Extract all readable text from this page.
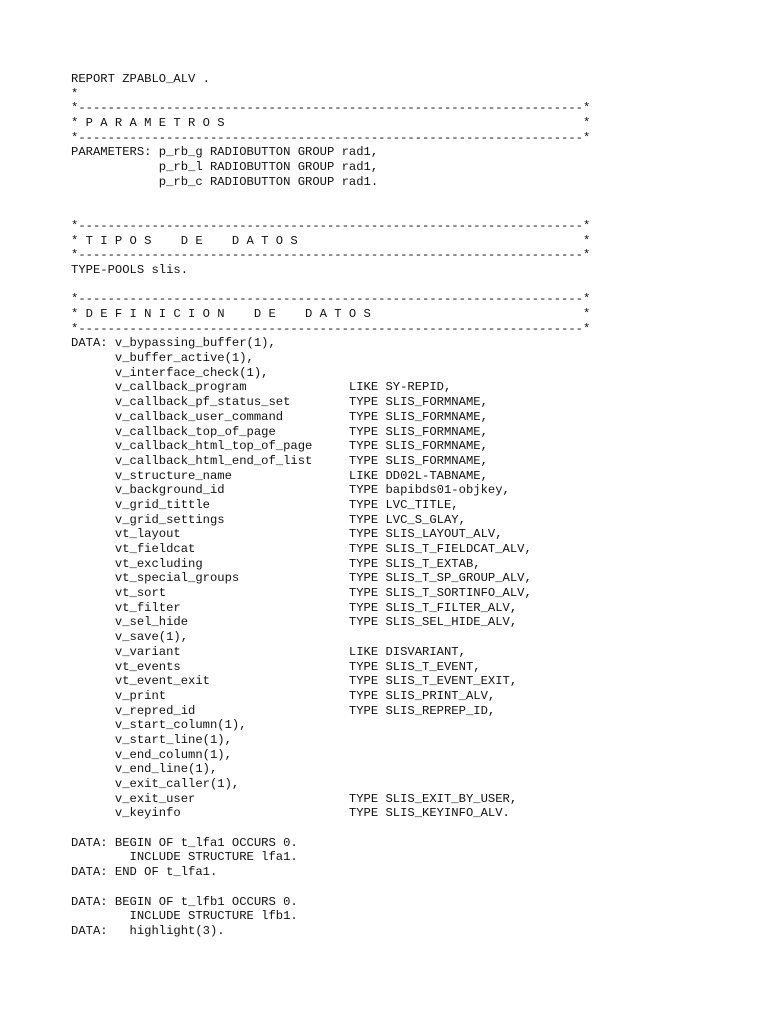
REPORT ZPABLO_ALV .
*
*---------------------------------------------------------------------*
* P A R A M E T R O S                                                 *
*---------------------------------------------------------------------*
PARAMETERS: p_rb_g RADIOBUTTON GROUP rad1,
p_rb_l RADIOBUTTON GROUP rad1,
p_rb_c RADIOBUTTON GROUP rad1.
*---------------------------------------------------------------------*
* T I P O S    D E    D A T O S                                       *
*---------------------------------------------------------------------*
TYPE-POOLS slis.
*---------------------------------------------------------------------*
* D E F I N I C I O N    D E    D A T O S                             *
*---------------------------------------------------------------------*
DATA: v_bypassing_buffer(1),
v_buffer_active(1),
v_interface_check(1),
v_callback_program              LIKE SY-REPID,
v_callback_pf_status_set        TYPE SLIS_FORMNAME,
v_callback_user_command         TYPE SLIS_FORMNAME,
v_callback_top_of_page          TYPE SLIS_FORMNAME,
v_callback_html_top_of_page     TYPE SLIS_FORMNAME,
v_callback_html_end_of_list     TYPE SLIS_FORMNAME,
v_structure_name                LIKE DD02L-TABNAME,
v_background_id                 TYPE bapibds01-objkey,
v_grid_tittle                   TYPE LVC_TITLE,
v_grid_settings                 TYPE LVC_S_GLAY,
vt_layout                       TYPE SLIS_LAYOUT_ALV,
vt_fieldcat                     TYPE SLIS_T_FIELDCAT_ALV,
vt_excluding                    TYPE SLIS_T_EXTAB,
vt_special_groups               TYPE SLIS_T_SP_GROUP_ALV,
vt_sort                         TYPE SLIS_T_SORTINFO_ALV,
vt_filter                       TYPE SLIS_T_FILTER_ALV,
v_sel_hide                      TYPE SLIS_SEL_HIDE_ALV,
v_save(1),
v_variant                       LIKE DISVARIANT,
vt_events                       TYPE SLIS_T_EVENT,
vt_event_exit                   TYPE SLIS_T_EVENT_EXIT,
v_print                         TYPE SLIS_PRINT_ALV,
v_repred_id                     TYPE SLIS_REPREP_ID,
v_start_column(1),
v_start_line(1),
v_end_column(1),
v_end_line(1),
v_exit_caller(1),
v_exit_user                     TYPE SLIS_EXIT_BY_USER,
v_keyinfo                       TYPE SLIS_KEYINFO_ALV.
DATA: BEGIN OF t_lfa1 OCCURS 0.
INCLUDE STRUCTURE lfa1.
DATA: END OF t_lfa1.
DATA: BEGIN OF t_lfb1 OCCURS 0.
INCLUDE STRUCTURE lfb1.
DATA:   highlight(3).
